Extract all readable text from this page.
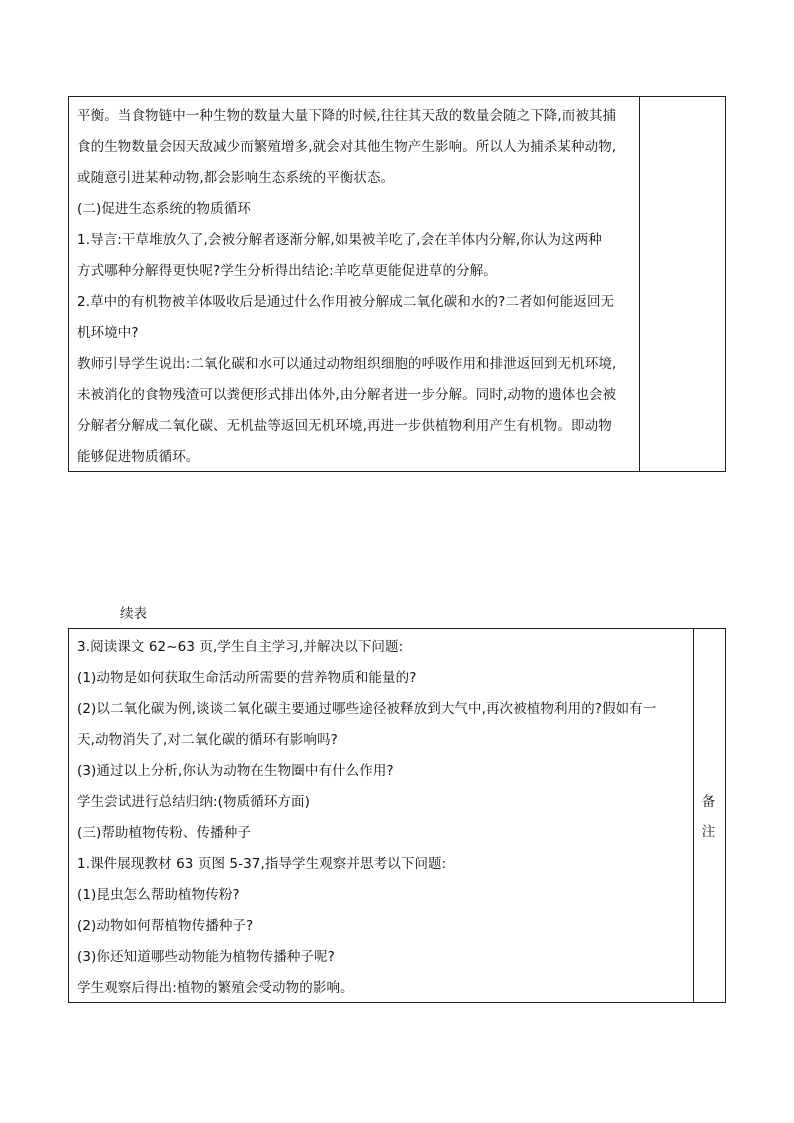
平衡。当食物链中一种生物的数量大量下降的时候,往往其天敌的数量会随之下降,而被其捕
食的生物数量会因天敌减少而繁殖增多,就会对其他生物产生影响。所以人为捕杀某种动物,
或随意引进某种动物,都会影响生态系统的平衡状态。
(二)促进生态系统的物质循环
1.导言:干草堆放久了,会被分解者逐渐分解,如果被羊吃了,会在羊体内分解,你认为这两种
方式哪种分解得更快呢?学生分析得出结论:羊吃草更能促进草的分解。
2.草中的有机物被羊体吸收后是通过什么作用被分解成二氧化碳和水的?二者如何能返回无
机环境中?
教师引导学生说出:二氧化碳和水可以通过动物组织细胞的呼吸作用和排泄返回到无机环境,
未被消化的食物残渣可以粪便形式排出体外,由分解者进一步分解。同时,动物的遗体也会被
分解者分解成二氧化碳、无机盐等返回无机环境,再进一步供植物利用产生有机物。即动物
能够促进物质循环。
续表
3.阅读课文 62~63 页,学生自主学习,并解决以下问题:
(1)动物是如何获取生命活动所需要的营养物质和能量的?
(2)以二氧化碳为例,谈谈二氧化碳主要通过哪些途径被释放到大气中,再次被植物利用的?假如有一
天,动物消失了,对二氧化碳的循环有影响吗?
(3)通过以上分析,你认为动物在生物圈中有什么作用?
学生尝试进行总结归纳:(物质循环方面)
(三)帮助植物传粉、传播种子
1.课件展现教材 63 页图 5-37,指导学生观察并思考以下问题:
(1)昆虫怎么帮助植物传粉?
(2)动物如何帮植物传播种子?
(3)你还知道哪些动物能为植物传播种子呢?
学生观察后得出:植物的繁殖会受动物的影响。
备
注
